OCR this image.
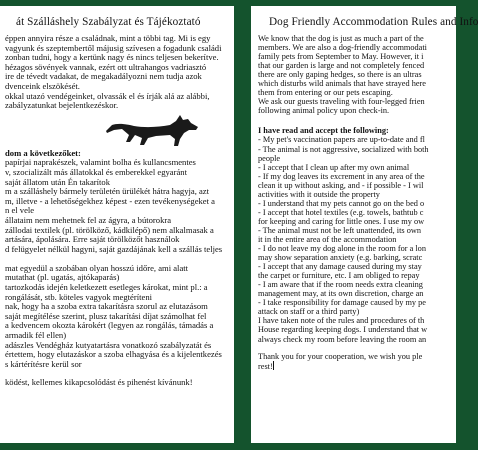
át Szálláshely Szabályzat és Tájékoztató
éppen annyira része a családnak, mint a többi tag. Mi is egy
vagyunk és szeptembertől májusig szívesen a fogadunk családi
zonban tudni, hogy a kertünk nagy és nincs teljesen bekerítve.
hézagos sövények vannak, ezért ott ultrahangos vadriasztó
ire de tévedt vadakat, de megakadályozni nem tudja azok
dvenceink elszökését.
okkal utazó vendégeinket, olvassák el és írják alá az alábbi,
zabályzatunkat bejelentkezéskor.
dom a következőket:
papírjai naprakészek, valamint bolha és kullancsmentes
v, szocializált más állatokkal és emberekkel egyaránt
saját állatom után Én takarítok
m a szálláshely bármely területén ürülékét hátra hagyja, azt
m, illetve - a lehetőségekhez képest - ezen tevékenységeket a
n el vele
állataim nem mehetnek fel az ágyra, a bútorokra
zállodai textilek (pl. törölköző, kádkilépő) nem alkalmasak a
artására, ápolására. Erre saját törölközőt használok
d felügyelet nélkül hagyni, saját gazdájának kell a szállás teljes

mat egyedül a szobában olyan hosszú időre, ami alatt
mutathat (pl. ugatás, ajtókaparás)
tartozkodás idején keletkezett esetleges károkat, mint pl.: a
rongálását, stb. köteles vagyok megtéríteni
nak, hogy ha a szoba extra takarításra szorul az elutazásom
saját megítélése szerint, plusz takarítási díjat számolhat fel
a kedvencem okozta károkért (legyen az rongálás, támadás a
armadik fél ellen)
adászles Vendégház kutyatartásra vonatkozó szabályzatát és
értettem, hogy elutazáskor a szoba elhagyása és a kijelentkezés
s kártérítésre kerül sor
ködést, kellemes kikapcsolódást és pihenést kívánunk!
Dog Friendly Accommodation Rules and Info
We know that the dog is just as much a part of the
members. We are also a dog-friendly accommodati
family pets from September to May. However, it i
that our garden is large and not completely fenced
there are only gaping hedges, so there is an ultras
which disturbs wild animals that have strayed here
them from entering or our pets escaping.
We ask our guests traveling with four-legged frien
following animal policy upon check-in.
I have read and accept the following:
- My pet's vaccination papers are up-to-date and fl
- The animal is not aggressive, socialized with both
people
- I accept that I clean up after my own animal
- If my dog leaves its excrement in any area of the
clean it up without asking, and - if possible - I wil
activities with it outside the property
- I understand that my pets cannot go on the bed o
- I accept that hotel textiles (e.g. towels, bathtub c
for keeping and caring for little ones. I use my ow
- The animal must not be left unattended, its own
it in the entire area of the accommodation
- I do not leave my dog alone in the room for a lon
may show separation anxiety (e.g. barking, scratc
- I accept that any damage caused during my stay
the carpet or furniture, etc. I am obliged to repay
- I am aware that if the room needs extra cleaning
management may, at its own discretion, charge an
- I take responsibility for damage caused by my pe
attack on staff or a third party)
I have taken note of the rules and procedures of th
House regarding keeping dogs. I understand that w
always check my room before leaving the room an
Thank you for your cooperation, we wish you ple
rest!
